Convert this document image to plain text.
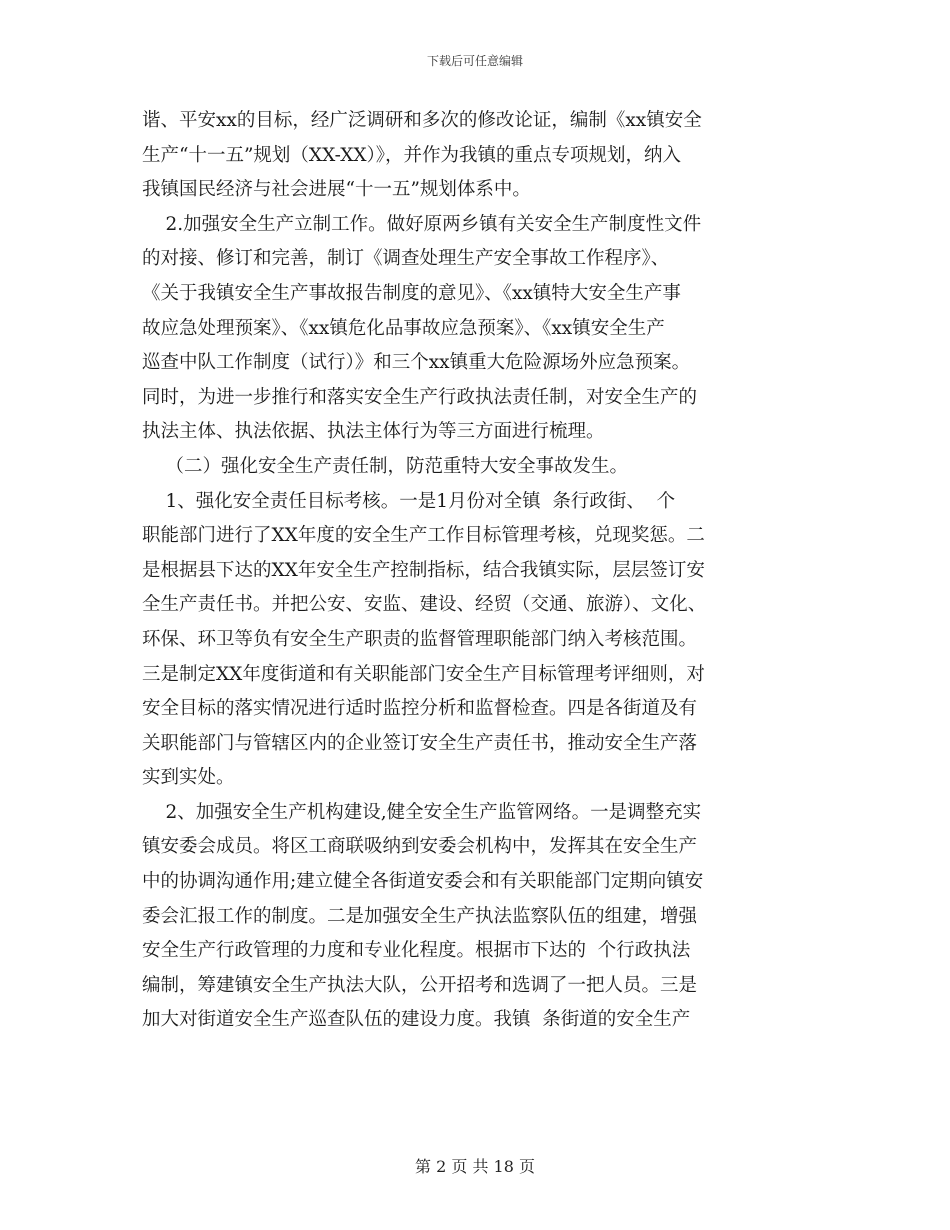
下载后可任意编辑
谐、平安xx的目标，经广泛调研和多次的修改论证，编制《xx镇安全
生产“十一五”规划（XX-XX）》，并作为我镇的重点专项规划，纳入
我镇国民经济与社会进展“十一五”规划体系中。
2.加强安全生产立制工作。做好原两乡镇有关安全生产制度性文件
的对接、修订和完善，制订《调查处理生产安全事故工作程序》、
《关于我镇安全生产事故报告制度的意见》、《xx镇特大安全生产事
故应急处理预案》、《xx镇危化品事故应急预案》、《xx镇安全生产
巡查中队工作制度（试行）》和三个xx镇重大危险源场外应急预案。
同时，为进一步推行和落实安全生产行政执法责任制，对安全生产的
执法主体、执法依据、执法主体行为等三方面进行梳理。
（二）强化安全生产责任制，防范重特大安全事故发生。
1、强化安全责任目标考核。一是1月份对全镇  条行政街、  个
职能部门进行了XX年度的安全生产工作目标管理考核，兑现奖惩。二
是根据县下达的XX年安全生产控制指标，结合我镇实际，层层签订安
全生产责任书。并把公安、安监、建设、经贸（交通、旅游）、文化、
环保、环卫等负有安全生产职责的监督管理职能部门纳入考核范围。
三是制定XX年度街道和有关职能部门安全生产目标管理考评细则，对
安全目标的落实情况进行适时监控分析和监督检查。四是各街道及有
关职能部门与管辖区内的企业签订安全生产责任书，推动安全生产落
实到实处。
2、加强安全生产机构建设,健全安全生产监管网络。一是调整充实
镇安委会成员。将区工商联吸纳到安委会机构中，发挥其在安全生产
中的协调沟通作用;建立健全各街道安委会和有关职能部门定期向镇安
委会汇报工作的制度。二是加强安全生产执法监察队伍的组建，增强
安全生产行政管理的力度和专业化程度。根据市下达的  个行政执法
编制，筹建镇安全生产执法大队，公开招考和选调了一把人员。三是
加大对街道安全生产巡查队伍的建设力度。我镇  条街道的安全生产
第 2 页 共 18 页
